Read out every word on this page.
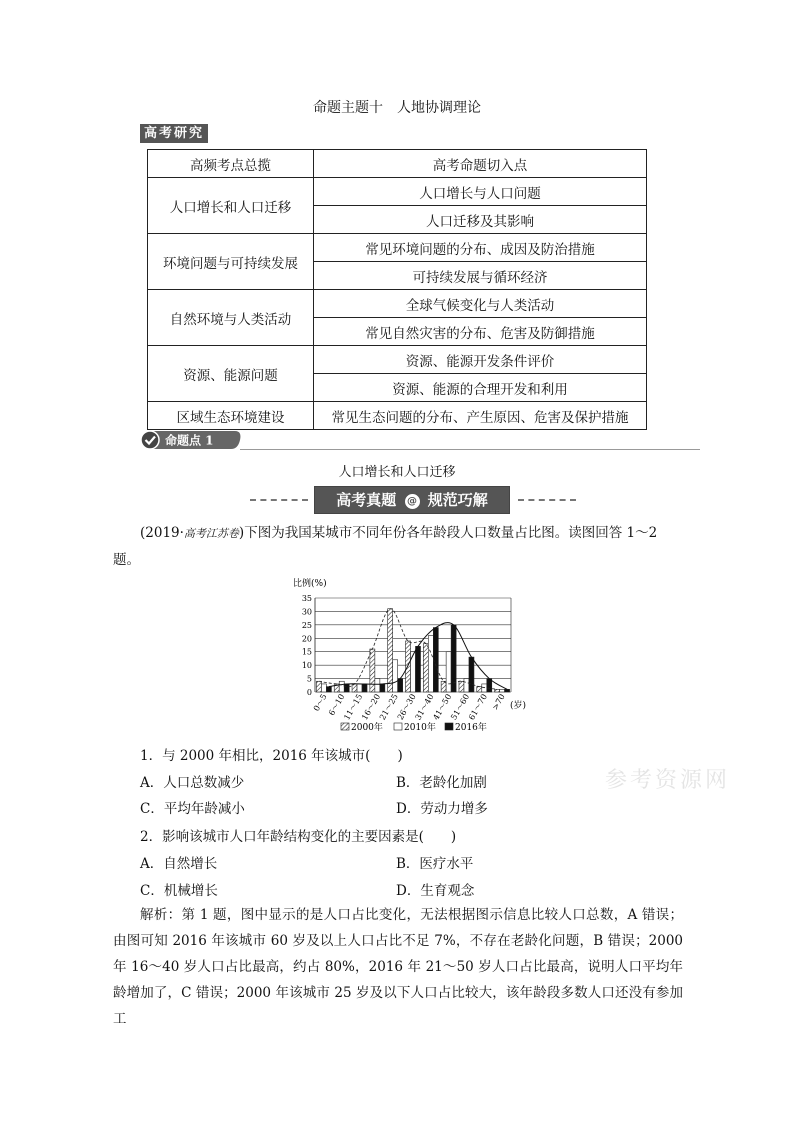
命题主题十　人地协调理论
高考研究
高频考点总揽	高考命题切入点
人口增长和人口迁移	人口增长与人口问题
	人口迁移及其影响
环境问题与可持续发展	常见环境问题的分布、成因及防治措施
	可持续发展与循环经济
自然环境与人类活动	全球气候变化与人类活动
	常见自然灾害的分布、危害及防御措施
资源、能源问题	资源、能源开发条件评价
	资源、能源的合理开发和利用
区域生态环境建设	常见生态问题的分布、产生原因、危害及保护措施
命题点 1
人口增长和人口迁移
高考真题 @ 规范巧解
(2019·高考江苏卷)下图为我国某城市不同年份各年龄段人口数量占比图。读图回答 1～2 题。
比例(%)
0
5
10
15
20
25
30
35
0～5
6～10
11～15
16～20
21～25
26～30
31～40
41～50
51～60
61～70 >70 (岁)
2000年 2010年 2016年
1．与 2000 年相比，2016 年该城市(　　)
A．人口总数减少	B．老龄化加剧
C．平均年龄减小	D．劳动力增多
2．影响该城市人口年龄结构变化的主要因素是(　　)
A．自然增长	B．医疗水平
C．机械增长	D．生育观念
解析：第 1 题，图中显示的是人口占比变化，无法根据图示信息比较人口总数，A 错误；由图可知 2016 年该城市 60 岁及以上人口占比不足 7%，不存在老龄化问题，B 错误；2000 年 16～40 岁人口占比最高，约占 80%，2016 年 21～50 岁人口占比最高，说明人口平均年龄增加了，C 错误；2000 年该城市 25 岁及以下人口占比较大，该年龄段多数人口还没有参加工
参考资源网
